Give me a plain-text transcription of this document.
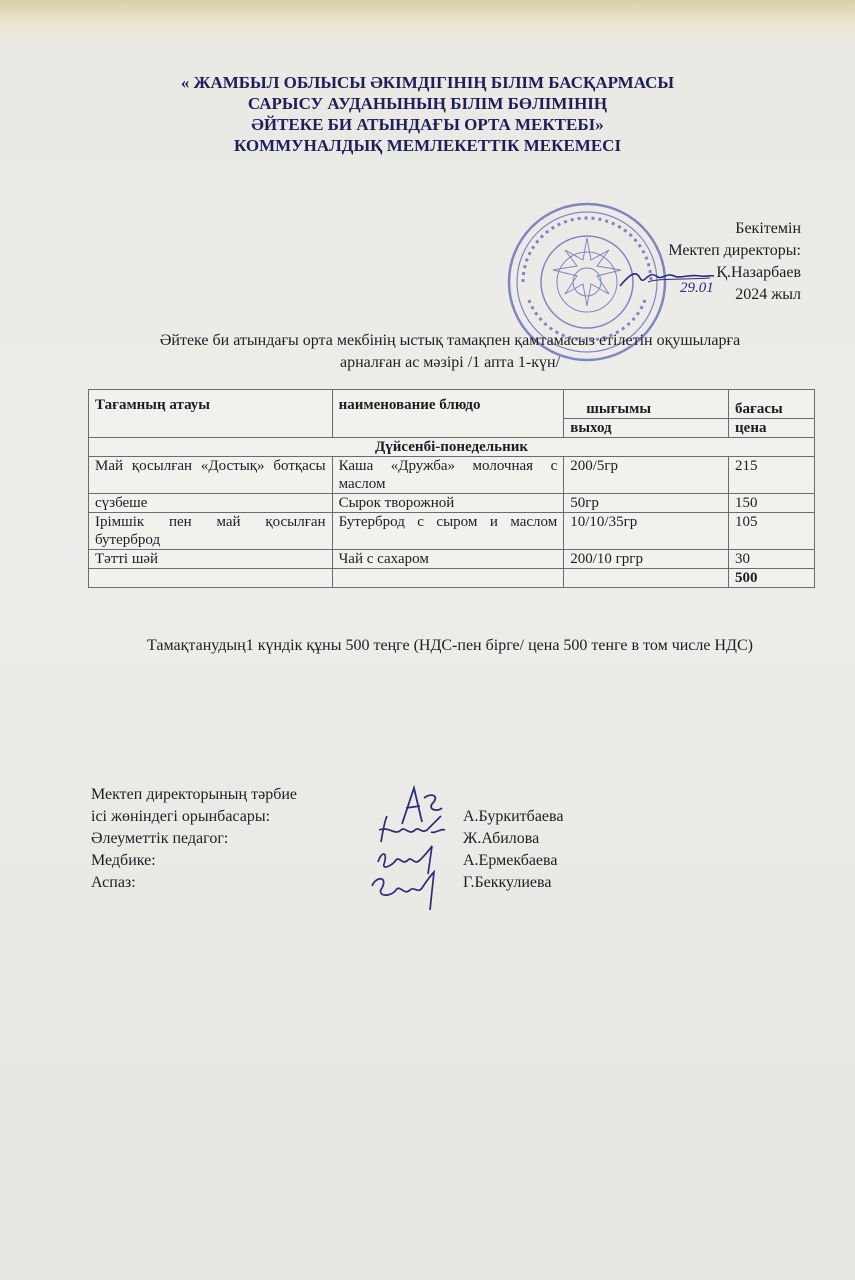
« ЖАМБЫЛ ОБЛЫСЫ ӘКІМДІГІНІҢ БІЛІМ БАСҚАРМАСЫ
САРЫСУ АУДАНЫНЫҢ БІЛІМ БӨЛІМІНІҢ
ӘЙТЕКЕ БИ АТЫНДАҒЫ ОРТА МЕКТЕБІ»
КОММУНАЛДЫҚ МЕМЛЕКЕТТІК МЕКЕМЕСІ
Бекітемін
Мектеп директоры:
Қ.Назарбаев
2024 жыл
29.01
Әйтеке би атындағы орта мекбінің ыстық тамақпен қамтамасыз етілетін оқушыларға
арналған ас мәзірі /1 апта 1-күн/
Тағамның атауы	наименование блюдо	шығымы	бағасы
		выход	цена
Дүйсенбі-понедельник			
Май қосылған «Достық» ботқасы	Каша «Дружба» молочная с маслом	200/5гр	215
сүзбеше	Сырок творожной	50гр	150
Ірімшік пен май қосылған бутерброд	Бутерброд с сыром и маслом	10/10/35гр	105
Тәтті шәй	Чай с сахаром	200/10 гргр	30
			500
Тамақтанудың1 күндік құны 500 теңге (НДС-пен бірге/ цена 500 тенге в том числе НДС)
Мектеп директорының тәрбие
ісі жөніндегі орынбасары:	А.Буркитбаева
Әлеуметтік педагог:	Ж.Абилова
Медбике:	А.Ермекбаева
Аспаз:	Г.Беккулиева
